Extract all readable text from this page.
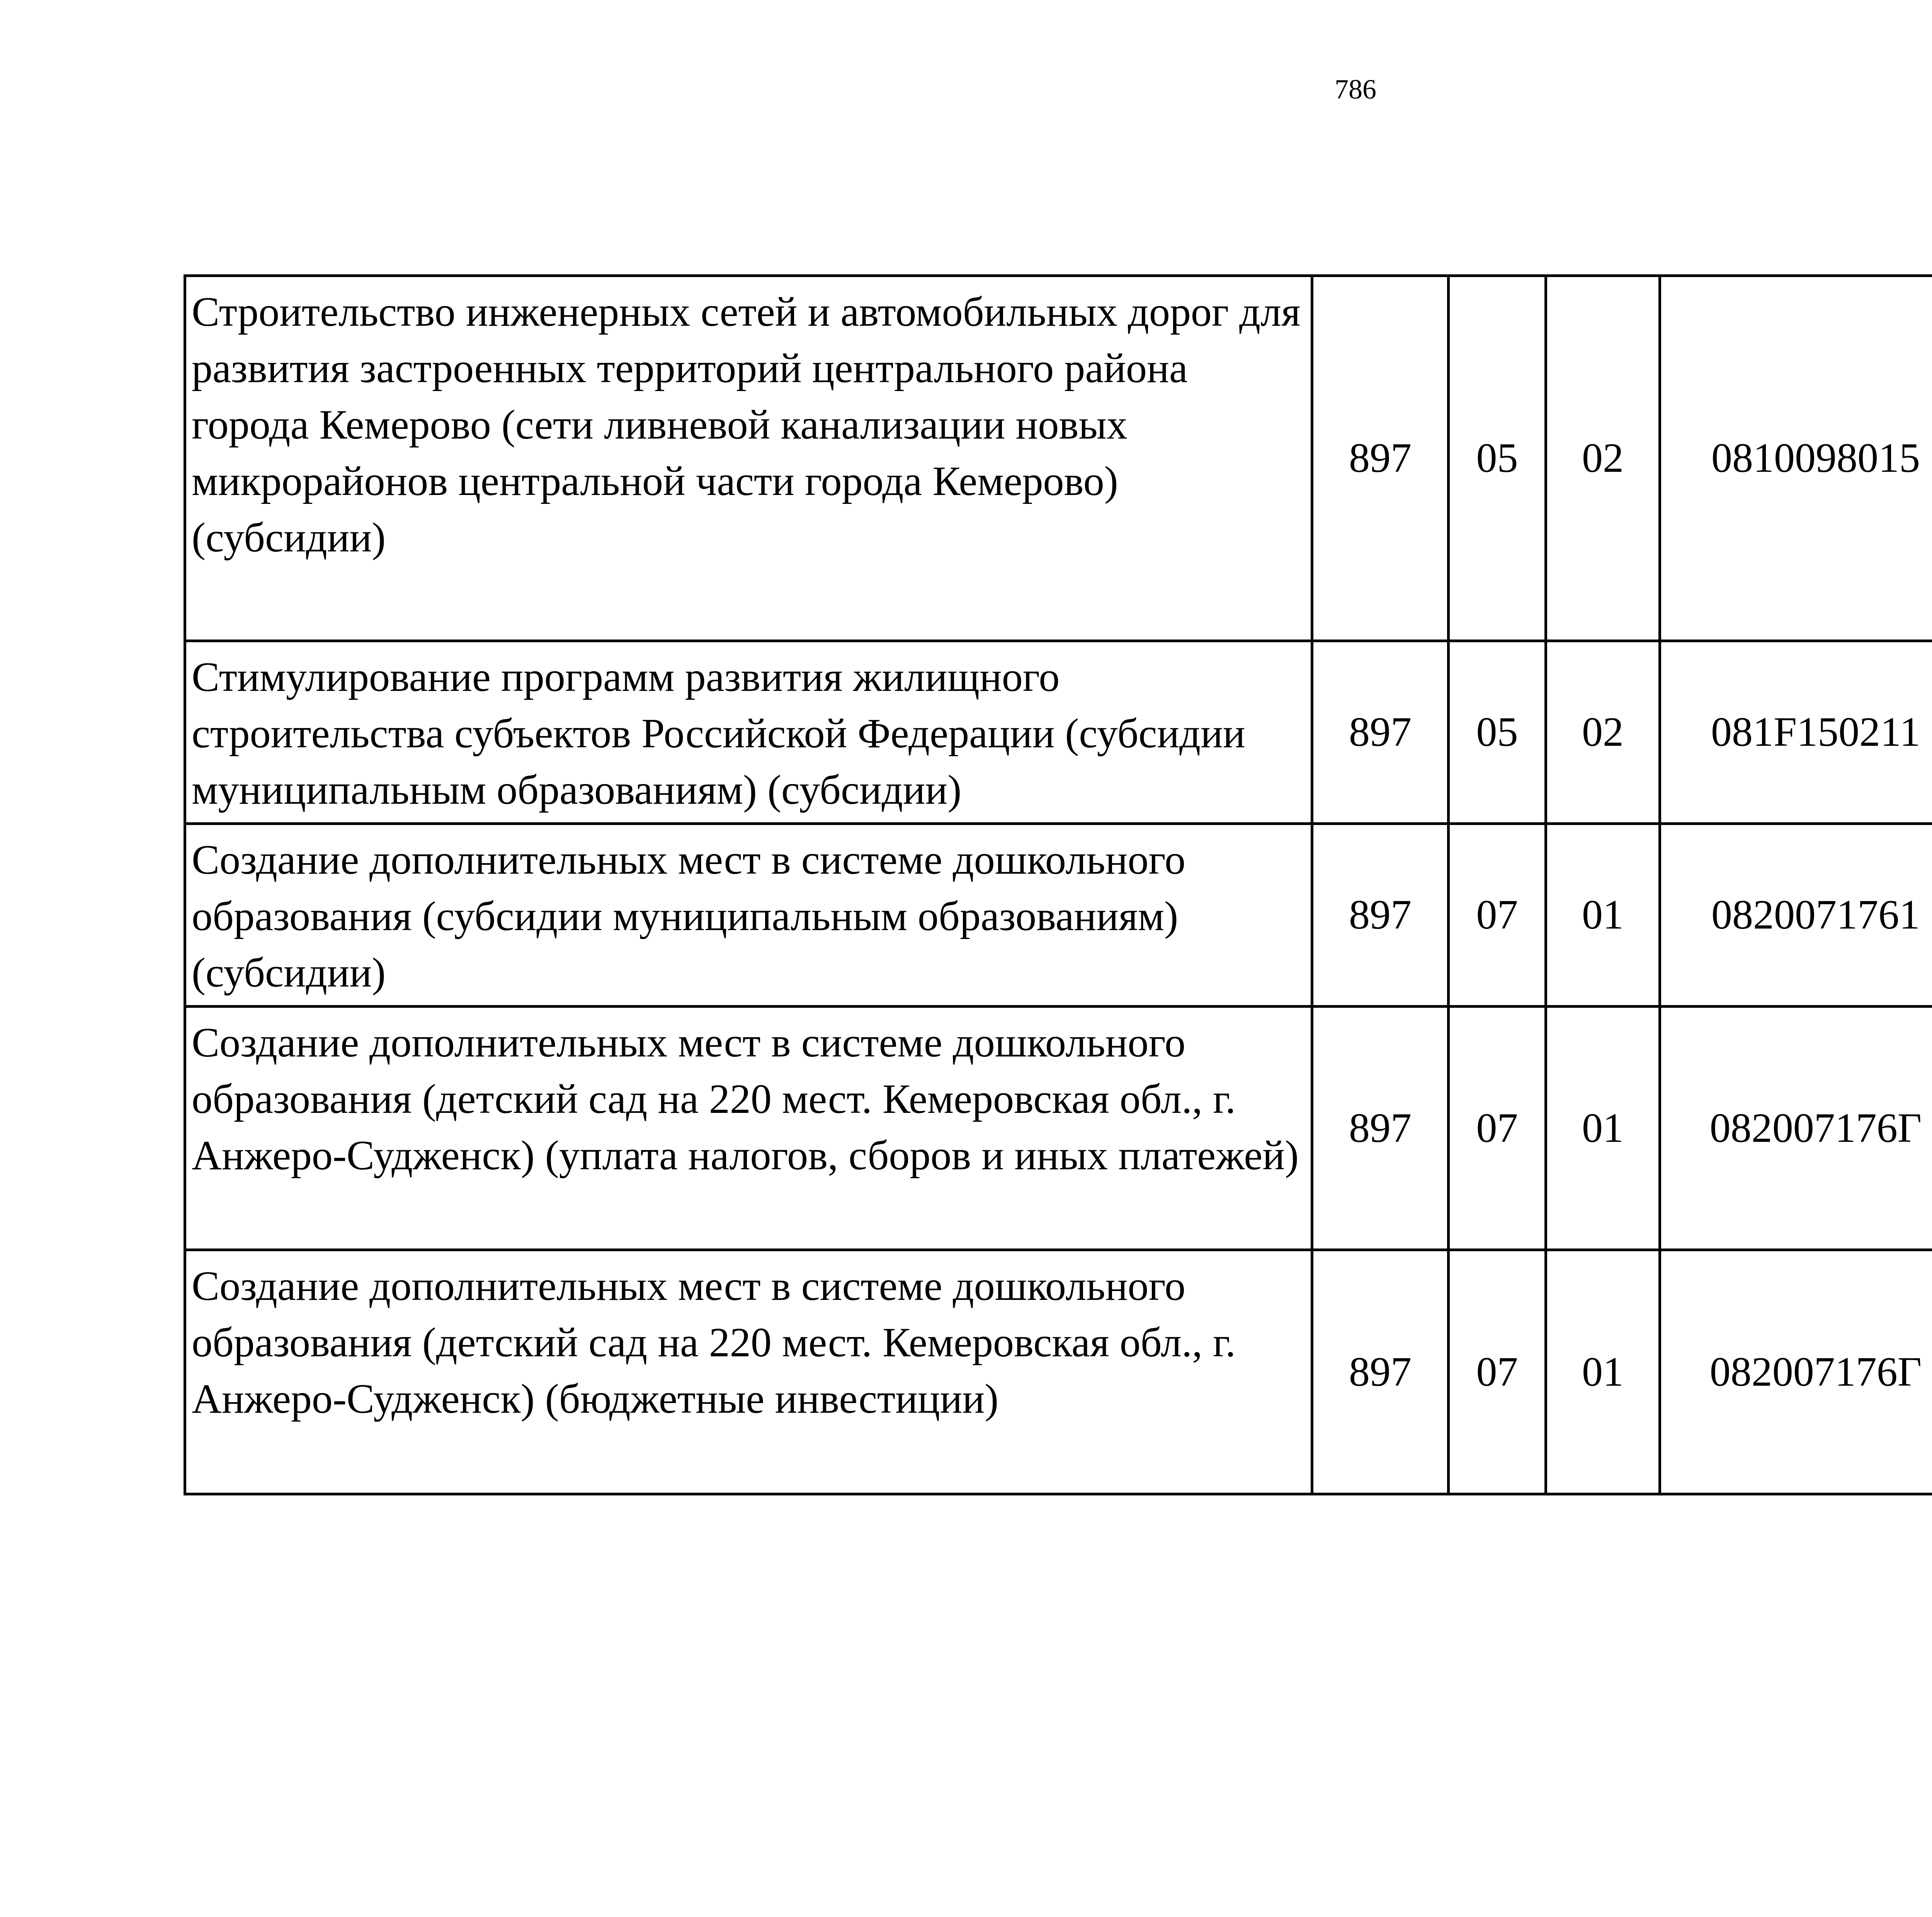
786
Строительство инженерных сетей и автомобильных дорог для развития застроенных территорий центрального района города Кемерово (сети ливневой канализации новых микрорайонов центральной части города Кемерово) (субсидии)	897	05	02	0810098015		
Стимулирование программ развития жилищного строительства субъектов Российской Федерации (субсидии муниципальным образованиям) (субсидии)	897	05	02	081F150211		
Создание дополнительных мест в системе дошкольного образования (субсидии муниципальным образованиям) (субсидии)	897	07	01	0820071761		
Создание дополнительных мест в системе дошкольного образования (детский сад на 220 мест. Кемеровская обл., г. Анжеро-Судженск) (уплата налогов, сборов и иных платежей)	897	07	01	082007176Г		
Создание дополнительных мест в системе дошкольного образования (детский сад на 220 мест. Кемеровская обл., г. Анжеро-Судженск) (бюджетные инвестиции)	897	07	01	082007176Г		
